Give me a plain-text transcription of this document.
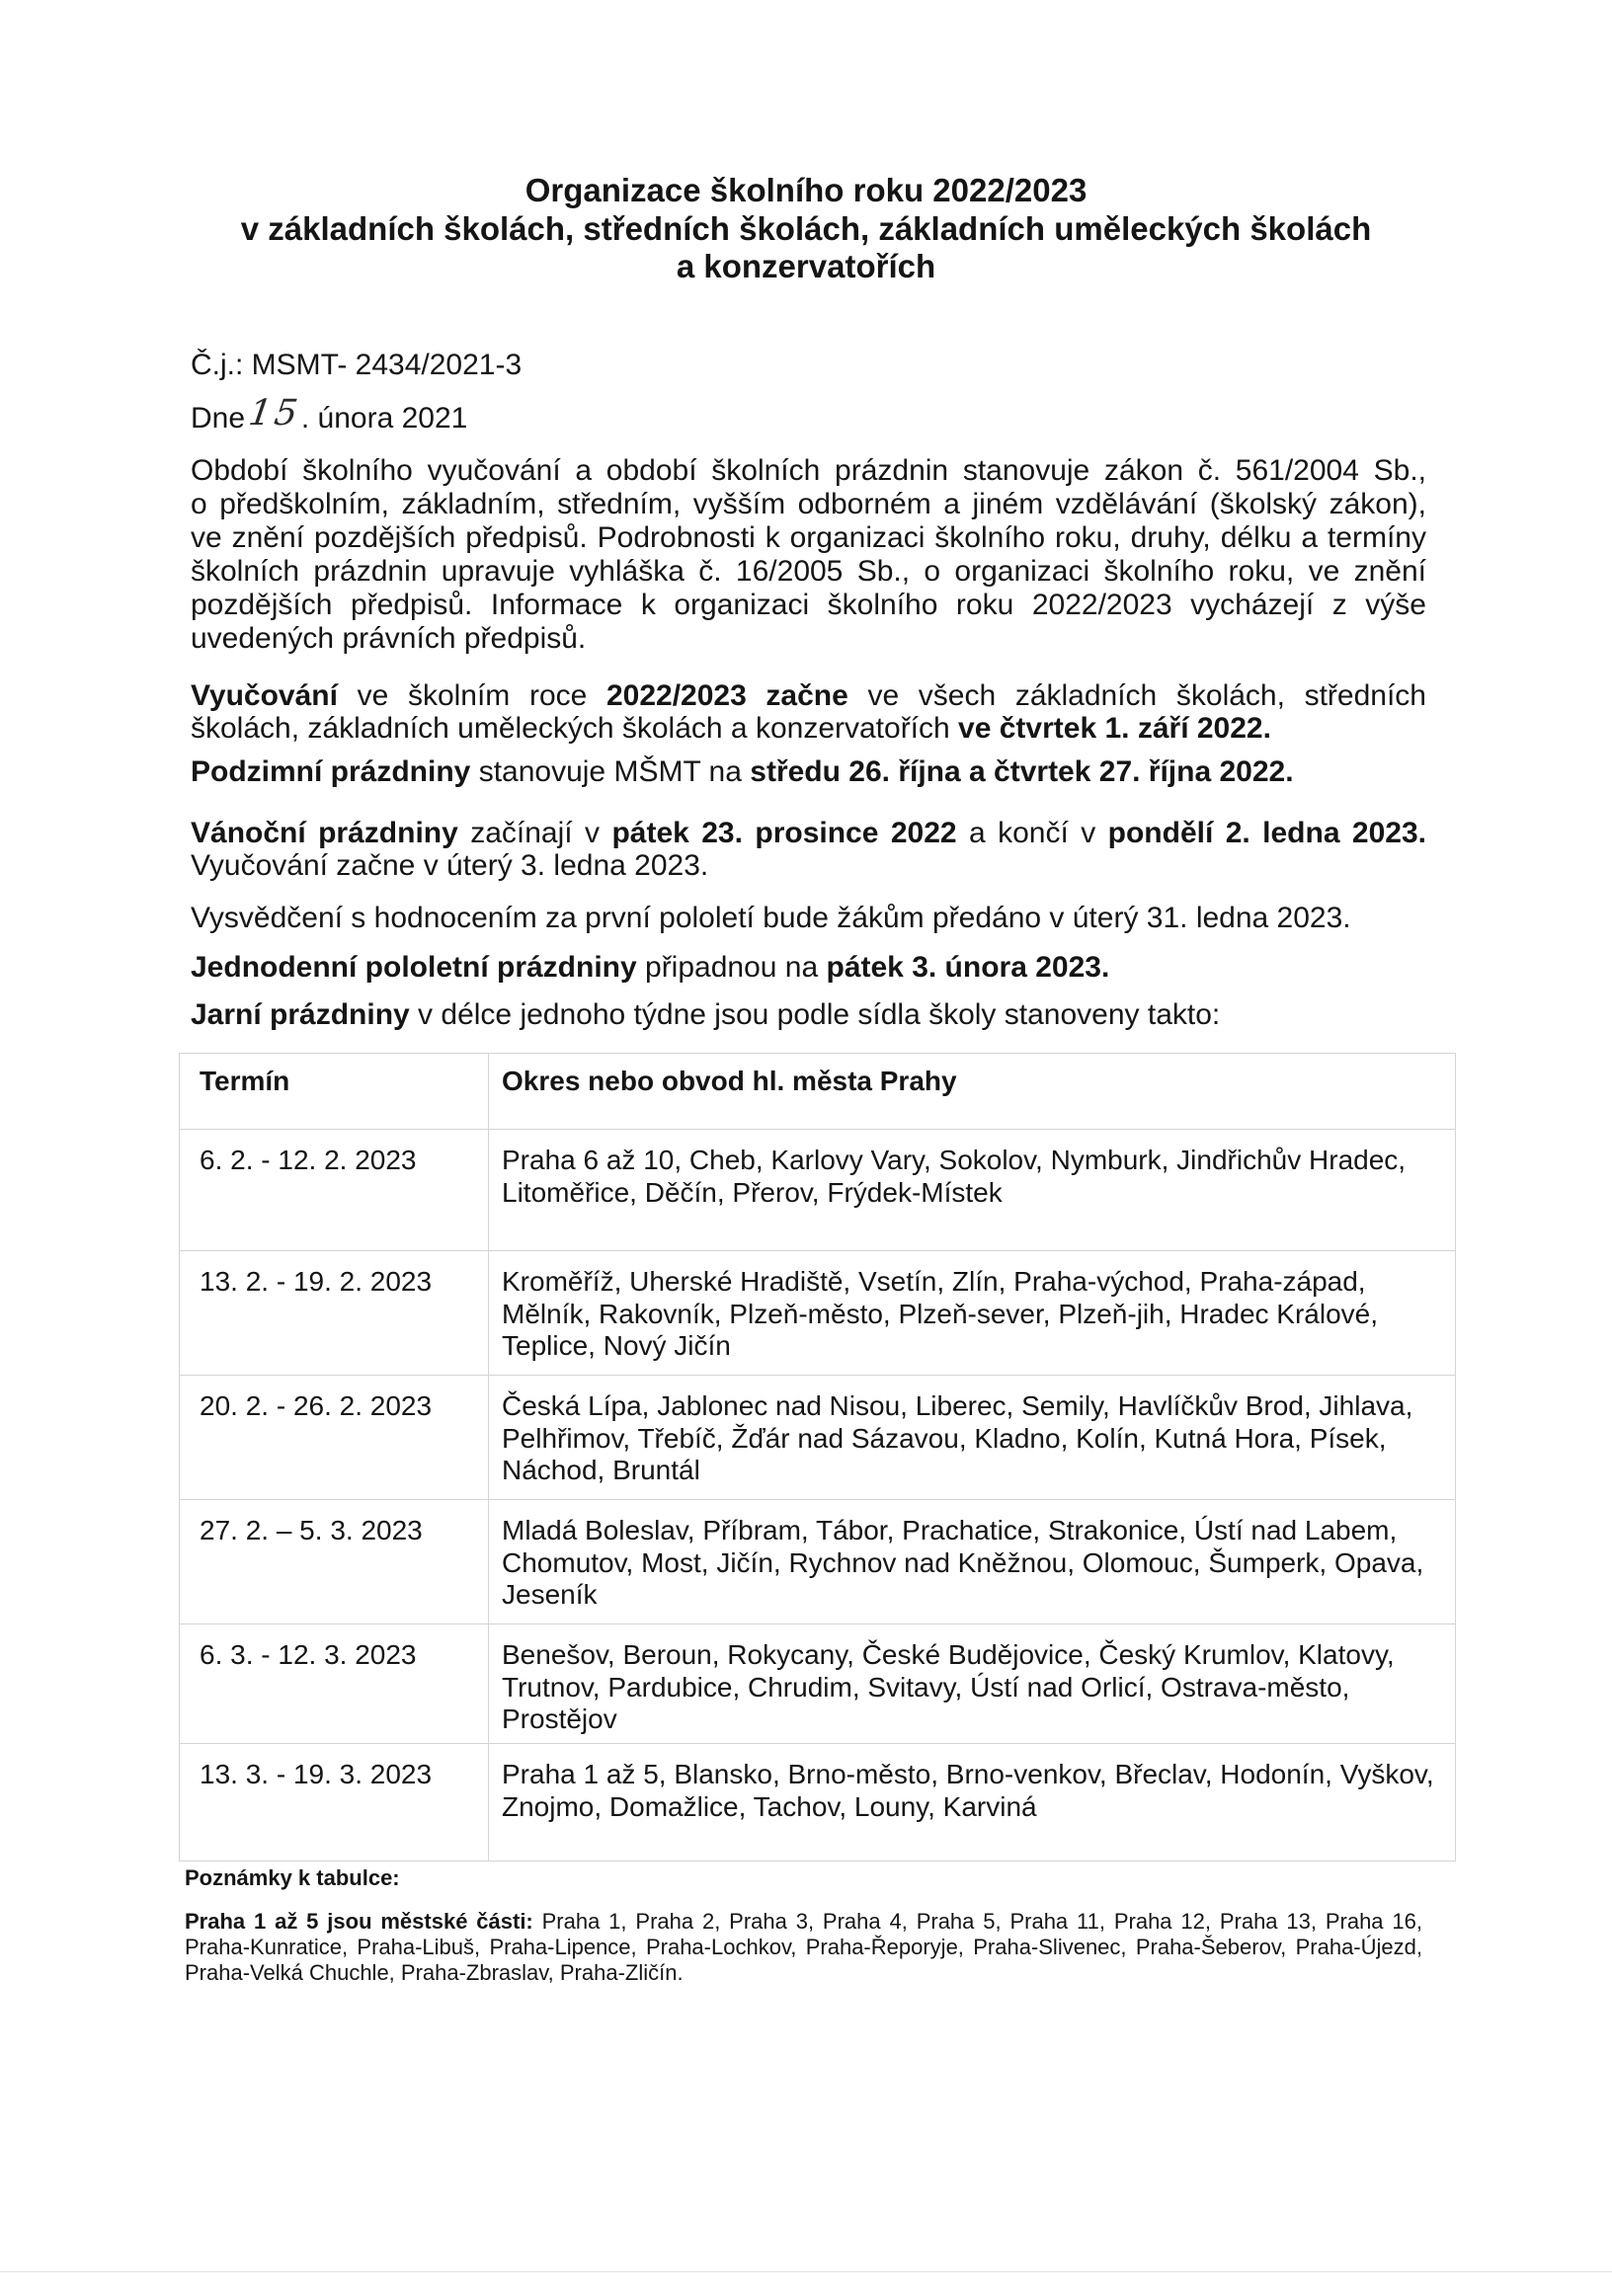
Organizace školního roku 2022/2023
v základních školách, středních školách, základních uměleckých školách
a konzervatořích
Č.j.: MSMT- 2434/2021-3
Dne15. února 2021
Období školního vyučování a období školních prázdnin stanovuje zákon č. 561/2004 Sb.,
o předškolním, základním, středním, vyšším odborném a jiném vzdělávání (školský zákon),
ve znění pozdějších předpisů. Podrobnosti k organizaci školního roku, druhy, délku a termíny
školních prázdnin upravuje vyhláška č. 16/2005 Sb., o organizaci školního roku, ve znění
pozdějších předpisů. Informace k organizaci školního roku 2022/2023 vycházejí z výše
uvedených právních předpisů.
Vyučování ve školním roce 2022/2023 začne ve všech základních školách, středních
školách, základních uměleckých školách a konzervatořích ve čtvrtek 1. září 2022.
Podzimní prázdniny stanovuje MŠMT na středu 26. října a čtvrtek 27. října 2022.
Vánoční prázdniny začínají v pátek 23. prosince 2022 a končí v pondělí 2. ledna 2023.
Vyučování začne v úterý 3. ledna 2023.
Vysvědčení s hodnocením za první pololetí bude žákům předáno v úterý 31. ledna 2023.
Jednodenní pololetní prázdniny připadnou na pátek 3. února 2023.
Jarní prázdniny v délce jednoho týdne jsou podle sídla školy stanoveny takto:
Termín	Okres nebo obvod hl. města Prahy
6. 2. - 12. 2. 2023	Praha 6 až 10, Cheb, Karlovy Vary, Sokolov, Nymburk, Jindřichův Hradec,
Litoměřice, Děčín, Přerov, Frýdek-Místek
13. 2. - 19. 2. 2023	Kroměříž, Uherské Hradiště, Vsetín, Zlín, Praha-východ, Praha-západ,
Mělník, Rakovník, Plzeň-město, Plzeň-sever, Plzeň-jih, Hradec Králové,
Teplice, Nový Jičín
20. 2. - 26. 2. 2023	Česká Lípa, Jablonec nad Nisou, Liberec, Semily, Havlíčkův Brod, Jihlava,
Pelhřimov, Třebíč, Žďár nad Sázavou, Kladno, Kolín, Kutná Hora, Písek,
Náchod, Bruntál
27. 2. – 5. 3. 2023	Mladá Boleslav, Příbram, Tábor, Prachatice, Strakonice, Ústí nad Labem,
Chomutov, Most, Jičín, Rychnov nad Kněžnou, Olomouc, Šumperk, Opava,
Jeseník
6. 3. - 12. 3. 2023	Benešov, Beroun, Rokycany, České Budějovice, Český Krumlov, Klatovy,
Trutnov, Pardubice, Chrudim, Svitavy, Ústí nad Orlicí, Ostrava-město,
Prostějov
13. 3. - 19. 3. 2023	Praha 1 až 5, Blansko, Brno-město, Brno-venkov, Břeclav, Hodonín, Vyškov,
Znojmo, Domažlice, Tachov, Louny, Karviná
Poznámky k tabulce:
Praha 1 až 5 jsou městské části: Praha 1, Praha 2, Praha 3, Praha 4, Praha 5, Praha 11, Praha 12, Praha 13, Praha 16,
Praha-Kunratice, Praha-Libuš, Praha-Lipence, Praha-Lochkov, Praha-Řeporyje, Praha-Slivenec, Praha-Šeberov, Praha-Újezd,
Praha-Velká Chuchle, Praha-Zbraslav, Praha-Zličín.
